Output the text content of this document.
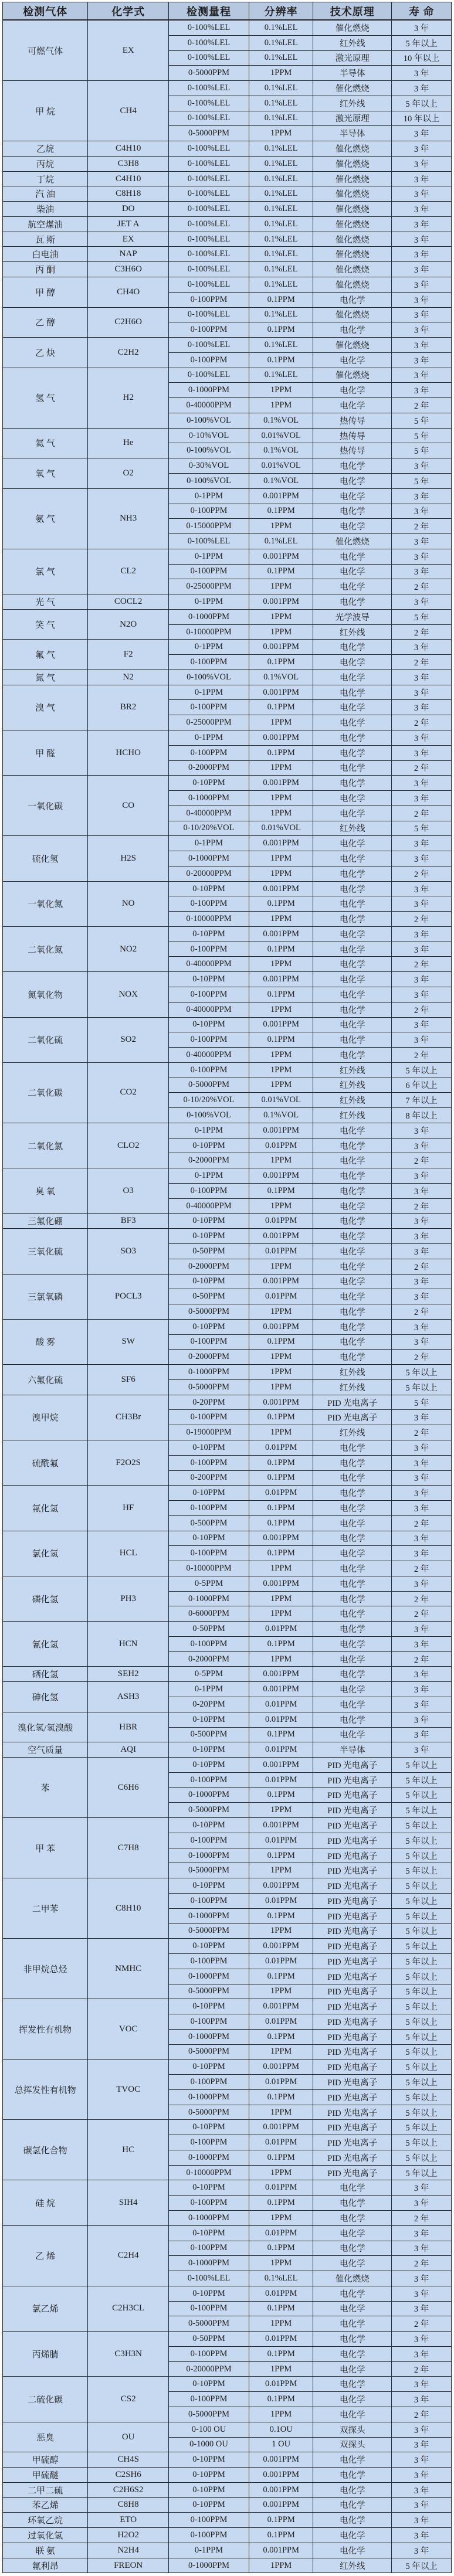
检测气体	化学式	检测量程	分辨率	技术原理	寿 命
可燃气体	EX	0-100%LEL	0.1%LEL	催化燃烧	3 年
		0-100%LEL	0.1%LEL	红外线	5 年以上
		0-100%LEL	0.1%LEL	激光原理	10 年以上
		0-5000PPM	1PPM	半导体	3 年
甲 烷	CH4	0-100%LEL	0.1%LEL	催化燃烧	3 年
		0-100%LEL	0.1%LEL	红外线	5 年以上
		0-100%LEL	0.1%LEL	激光原理	10 年以上
		0-5000PPM	1PPM	半导体	3 年
乙烷	C4H10	0-100%LEL	0.1%LEL	催化燃烧	3 年
丙烷	C3H8	0-100%LEL	0.1%LEL	催化燃烧	3 年
丁烷	C4H10	0-100%LEL	0.1%LEL	催化燃烧	3 年
汽 油	C8H18	0-100%LEL	0.1%LEL	催化燃烧	3 年
柴油	DO	0-100%LEL	0.1%LEL	催化燃烧	3 年
航空煤油	JET A	0-100%LEL	0.1%LEL	催化燃烧	3 年
瓦 斯	EX	0-100%LEL	0.1%LEL	催化燃烧	3 年
白电油	NAP	0-100%LEL	0.1%LEL	催化燃烧	3 年
丙 酮	C3H6O	0-100%LEL	0.1%LEL	催化燃烧	3 年
甲 醇	CH4O	0-100%LEL	0.1%LEL	催化燃烧	3 年
		0-100PPM	0.1PPM	电化学	3 年
乙 醇	C2H6O	0-100%LEL	0.1%LEL	催化燃烧	3 年
		0-100PPM	0.1PPM	电化学	3 年
乙 炔	C2H2	0-100%LEL	0.1%LEL	催化燃烧	3 年
		0-100PPM	0.1PPM	电化学	3 年
氢 气	H2	0-100%LEL	0.1%LEL	催化燃烧	3 年
		0-1000PPM	1PPM	电化学	3 年
		0-40000PPM	1PPM	电化学	2 年
		0-100%VOL	0.1%VOL	热传导	5 年
氦 气	He	0-10%VOL	0.01%VOL	热传导	5 年
		0-100%VOL	0.1%VOL	热传导	5 年
氧 气	O2	0-30%VOL	0.01%VOL	电化学	3 年
		0-100%VOL	0.1%VOL	电化学	5 年
氨 气	NH3	0-1PPM	0.001PPM	电化学	3 年
		0-100PPM	0.1PPM	电化学	3 年
		0-15000PPM	1PPM	电化学	2 年
		0-100%LEL	0.1%LEL	催化燃烧	3 年
氯 气	CL2	0-1PPM	0.001PPM	电化学	3 年
		0-100PPM	0.1PPM	电化学	3 年
		0-25000PPM	1PPM	电化学	2 年
光 气	COCL2	0-1PPM	0.001PPM	电化学	3 年
笑 气	N2O	0-1000PPM	1PPM	光学波导	5 年
		0-10000PPM	1PPM	红外线	2 年
氟 气	F2	0-1PPM	0.001PPM	电化学	3 年
		0-100PPM	0.1PPM	电化学	2 年
氮 气	N2	0-100%VOL	0.1%VOL	电化学	3 年
溴 气	BR2	0-1PPM	0.001PPM	电化学	3 年
		0-100PPM	0.1PPM	电化学	3 年
		0-25000PPM	1PPM	电化学	2 年
甲 醛	HCHO	0-1PPM	0.001PPM	电化学	3 年
		0-100PPM	0.1PPM	电化学	3 年
		0-2000PPM	1PPM	电化学	2 年
一氧化碳	CO	0-10PPM	0.001PPM	电化学	3 年
		0-1000PPM	1PPM	电化学	3 年
		0-40000PPM	1PPM	电化学	2 年
		0-10/20%VOL	0.01%VOL	红外线	5 年
硫化氢	H2S	0-1PPM	0.001PPM	电化学	3 年
		0-1000PPM	1PPM	电化学	3 年
		0-20000PPM	1PPM	电化学	2 年
一氧化氮	NO	0-10PPM	0.001PPM	电化学	3 年
		0-100PPM	0.1PPM	电化学	3 年
		0-10000PPM	1PPM	电化学	2 年
二氧化氮	NO2	0-10PPM	0.001PPM	电化学	3 年
		0-100PPM	0.1PPM	电化学	3 年
		0-40000PPM	1PPM	电化学	2 年
氮氧化物	NOX	0-10PPM	0.001PPM	电化学	3 年
		0-100PPM	0.1PPM	电化学	3 年
		0-40000PPM	1PPM	电化学	2 年
二氧化硫	SO2	0-10PPM	0.001PPM	电化学	3 年
		0-100PPM	0.1PPM	电化学	3 年
		0-40000PPM	1PPM	电化学	2 年
二氧化碳	CO2	0-100PPM	1PPM	红外线	5 年以上
		0-5000PPM	1PPM	红外线	6 年以上
		0-10/20%VOL	0.01%VOL	红外线	7 年以上
		0-100%VOL	0.1%VOL	红外线	8 年以上
二氧化氯	CLO2	0-1PPM	0.001PPM	电化学	3 年
		0-10PPM	0.01PPM	电化学	3 年
		0-2000PPM	1PPM	电化学	2 年
臭 氧	O3	0-1PPM	0.001PPM	电化学	3 年
		0-100PPM	0.1PPM	电化学	3 年
		0-40000PPM	1PPM	电化学	2 年
三氟化硼	BF3	0-10PPM	0.01PPM	电化学	3 年
三氧化硫	SO3	0-10PPM	0.001PPM	电化学	3 年
		0-50PPM	0.01PPM	电化学	3 年
		0-2000PPM	1PPM	电化学	2 年
三氯氧磷	POCL3	0-10PPM	0.001PPM	电化学	3 年
		0-50PPM	0.01PPM	电化学	3 年
		0-5000PPM	1PPM	电化学	2 年
酸 雾	SW	0-10PPM	0.001PPM	电化学	3 年
		0-100PPM	0.1PPM	电化学	3 年
		0-2000PPM	1PPM	电化学	2 年
六氟化硫	SF6	0-1000PPM	1PPM	红外线	5 年以上
		0-5000PPM	1PPM	红外线	5 年以上
溴甲烷	CH3Br	0-20PPM	0.001PPM	PID 光电离子	5 年
		0-100PPM	0.1PPM	PID 光电离子	3 年
		0-19000PPM	1PPM	红外线	2 年
硫酰氟	F2O2S	0-10PPM	0.01PPM	电化学	3 年
		0-100PPM	0.1PPM	电化学	3 年
		0-200PPM	0.1PPM	电化学	3 年
氟化氢	HF	0-10PPM	0.01PPM	电化学	3 年
		0-100PPM	0.1PPM	电化学	3 年
		0-500PPM	0.1PPM	电化学	2 年
氯化氢	HCL	0-10PPM	0.001PPM	电化学	3 年
		0-100PPM	0.1PPM	电化学	3 年
		0-10000PPM	1PPM	电化学	2 年
磷化氢	PH3	0-5PPM	0.001PPM	电化学	3 年
		0-1000PPM	1PPM	电化学	2 年
		0-6000PPM	1PPM	电化学	2 年
氰化氢	HCN	0-50PPM	0.01PPM	电化学	3 年
		0-100PPM	0.1PPM	电化学	3 年
		0-2000PPM	1PPM	电化学	2 年
硒化氢	SEH2	0-5PPM	0.001PPM	电化学	3 年
砷化氢	ASH3	0-1PPM	0.001PPM	电化学	3 年
		0-20PPM	0.01PPM	电化学	3 年
溴化氢/氢溴酸	HBR	0-10PPM	0.01PPM	电化学	3 年
		0-500PPM	0.1PPM	电化学	3 年
空气质量	AQI	0-10PPM	0.01PPM	半导体	3 年
苯	C6H6	0-10PPM	0.001PPM	PID 光电离子	5 年以上
		0-100PPM	0.01PPM	PID 光电离子	5 年以上
		0-1000PPM	0.1PPM	PID 光电离子	5 年以上
		0-5000PPM	1PPM	PID 光电离子	5 年以上
甲 苯	C7H8	0-10PPM	0.001PPM	PID 光电离子	5 年以上
		0-100PPM	0.01PPM	PID 光电离子	5 年以上
		0-1000PPM	0.1PPM	PID 光电离子	5 年以上
		0-5000PPM	1PPM	PID 光电离子	5 年以上
二甲苯	C8H10	0-10PPM	0.001PPM	PID 光电离子	5 年以上
		0-100PPM	0.01PPM	PID 光电离子	5 年以上
		0-1000PPM	0.1PPM	PID 光电离子	5 年以上
		0-5000PPM	1PPM	PID 光电离子	5 年以上
非甲烷总烃	NMHC	0-10PPM	0.001PPM	PID 光电离子	5 年以上
		0-100PPM	0.01PPM	PID 光电离子	5 年以上
		0-1000PPM	0.1PPM	PID 光电离子	5 年以上
		0-5000PPM	1PPM	PID 光电离子	5 年以上
挥发性有机物	VOC	0-10PPM	0.001PPM	PID 光电离子	5 年以上
		0-100PPM	0.01PPM	PID 光电离子	5 年以上
		0-1000PPM	0.1PPM	PID 光电离子	5 年以上
		0-5000PPM	1PPM	PID 光电离子	5 年以上
总挥发性有机物	TVOC	0-10PPM	0.001PPM	PID 光电离子	5 年以上
		0-100PPM	0.01PPM	PID 光电离子	5 年以上
		0-1000PPM	0.1PPM	PID 光电离子	5 年以上
		0-5000PPM	1PPM	PID 光电离子	5 年以上
碳氢化合物	HC	0-10PPM	0.001PPM	PID 光电离子	5 年以上
		0-100PPM	0.01PPM	PID 光电离子	5 年以上
		0-1000PPM	0.1PPM	PID 光电离子	5 年以上
		0-10000PPM	1PPM	PID 光电离子	5 年以上
硅 烷	SIH4	0-10PPM	0.01PPM	电化学	3 年
		0-100PPM	0.1PPM	电化学	3 年
		0-1000PPM	1PPM	电化学	2 年
乙 烯	C2H4	0-10PPM	0.01PPM	电化学	3 年
		0-100PPM	0.1PPM	电化学	3 年
		0-1000PPM	1PPM	电化学	2 年
		0-100%LEL	0.1%LEL	催化燃烧	3 年
氯乙烯	C2H3CL	0-10PPM	0.01PPM	电化学	3 年
		0-100PPM	0.1PPM	电化学	3 年
		0-5000PPM	1PPM	电化学	2 年
丙烯腈	C3H3N	0-50PPM	0.01PPM	电化学	3 年
		0-100PPM	0.1PPM	电化学	3 年
		0-20000PPM	1PPM	电化学	2 年
二硫化碳	CS2	0-10PPM	0.01PPM	电化学	3 年
		0-100PPM	0.1PPM	电化学	3 年
		0-5000PPM	1PPM	电化学	2 年
恶臭	OU	0-100 OU	0.1OU	双探头	3 年
		0-1000 OU	1 OU	双探头	3 年
甲硫醇	CH4S	0-10PPM	0.001PPM	电化学	3 年
甲硫醚	C2SH6	0-10PPM	0.001PPM	电化学	3 年
二甲二硫	C2H6S2	0-10PPM	0.001PPM	电化学	3 年
苯乙烯	C8H8	0-10PPM	0.001PPM	电化学	3 年
环氧乙烷	ETO	0-100PPM	0.1PPM	电化学	3 年
过氧化氢	H2O2	0-100PPM	0.1PPM	电化学	3 年
联 氨	N2H4	0-1PPM	0.001PPM	电化学	3 年
氟利昂	FREON	0-1000PPM	1PPM	红外线	5 年以上
